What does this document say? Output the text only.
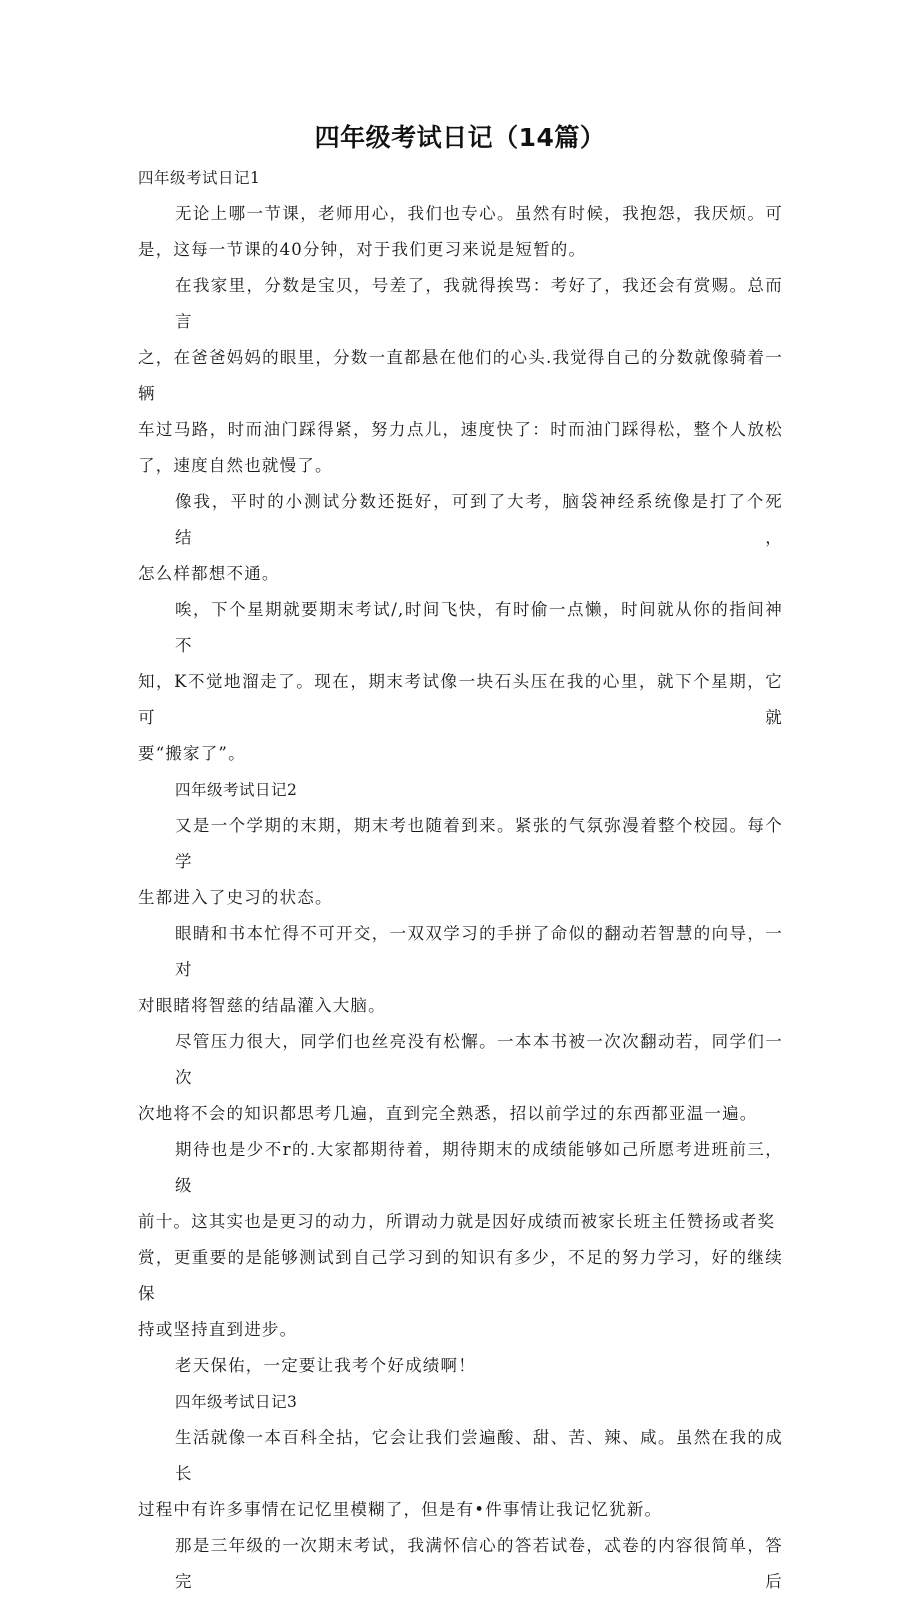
四年级考试日记（14篇）
四年级考试日记1
无论上哪一节课，老师用心，我们也专心。虽然有时候，我抱怨，我厌烦。可
是，这每一节课的40分钟，对于我们更习来说是短暂的。
在我家里，分数是宝贝，号差了，我就得挨骂：考好了，我还会有赏赐。总而言
之，在爸爸妈妈的眼里，分数一直都悬在他们的心头.我觉得自己的分数就像骑着一辆
车过马路，时而油门踩得紧，努力点儿，速度快了：时而油门踩得松，整个人放松
了，速度自然也就慢了。
像我，平时的小测试分数还挺好，可到了大考，脑袋神经系统像是打了个死结，
怎么样都想不通。
唉，下个星期就要期末考试/,时间飞快，有时偷一点懒，时间就从你的指间神不
知，K不觉地溜走了。现在，期末考试像一块石头压在我的心里，就下个星期，它可就
要“搬家了”。
四年级考试日记2
又是一个学期的末期，期末考也随着到来。紧张的气氛弥漫着整个校园。每个学
生都进入了史习的状态。
眼睛和书本忙得不可开交，一双双学习的手拼了命似的翻动若智慧的向导，一对
对眼睹将智慈的结晶灌入大脑。
尽管压力很大，同学们也丝亮没有松懈。一本本书被一次次翻动若，同学们一次
次地将不会的知识都思考几遍，直到完全熟悉，招以前学过的东西都亚温一遍。
期待也是少不r的.大家都期待着，期待期末的成绩能够如己所愿考进班前三，级
前十。这其实也是更习的动力，所谓动力就是因好成绩而被家长班主任赞扬或者奖
赏，更重要的是能够测试到自己学习到的知识有多少，不足的努力学习，好的继续保
持或坚持直到进步。
老天保佑，一定要让我考个好成绩啊！
四年级考试日记3
生活就像一本百科全拈，它会让我们尝遍酸、甜、苦、辣、咸。虽然在我的成长
过程中有许多事情在记忆里模糊了，但是有•件事情让我记忆犹新。
那是三年级的一次期末考试，我满怀信心的答若试卷，忒卷的内容很简单，答完后
